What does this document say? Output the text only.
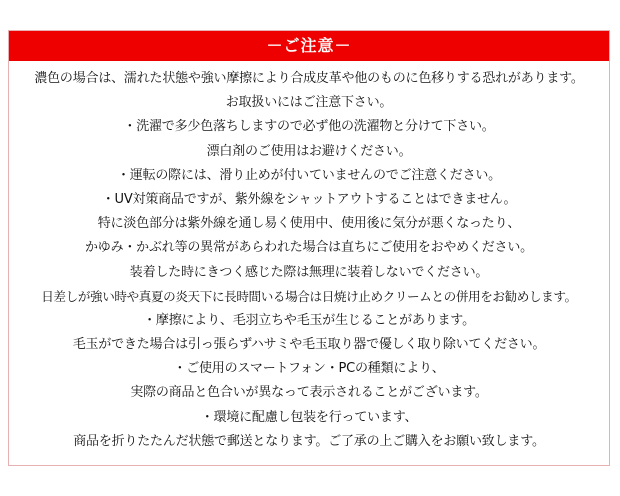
－ご注意－
濃色の場合は、濡れた状態や強い摩擦により合成皮革や他のものに色移りする恐れがあります。
お取扱いにはご注意下さい。
・洗濯で多少色落ちしますので必ず他の洗濯物と分けて下さい。
漂白剤のご使用はお避けください。
・運転の際には、滑り止めが付いていませんのでご注意ください。
・UV対策商品ですが、紫外線をシャットアウトすることはできません。
特に淡色部分は紫外線を通し易く使用中、使用後に気分が悪くなったり、
かゆみ・かぶれ等の異常があらわれた場合は直ちにご使用をおやめください。
装着した時にきつく感じた際は無理に装着しないでください。
日差しが強い時や真夏の炎天下に長時間いる場合は日焼け止めクリームとの併用をお勧めします。
・摩擦により、毛羽立ちや毛玉が生じることがあります。
毛玉ができた場合は引っ張らずハサミや毛玉取り器で優しく取り除いてください。
・ご使用のスマートフォン・PCの種類により、
実際の商品と色合いが異なって表示されることがございます。
・環境に配慮し包装を行っています、
商品を折りたたんだ状態で郵送となります。ご了承の上ご購入をお願い致します。
